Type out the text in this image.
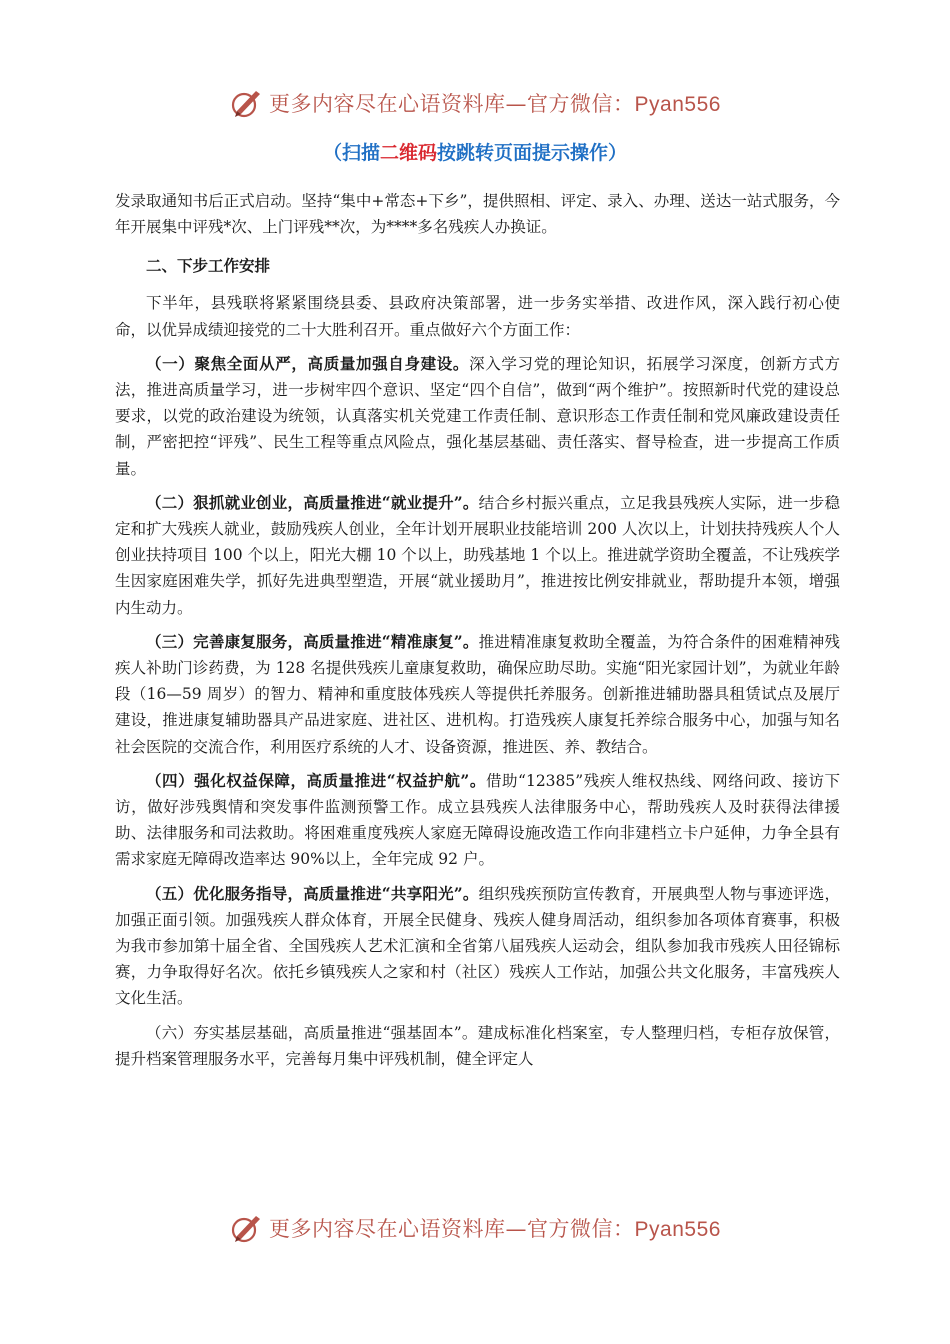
更多内容尽在心语资料库—官方微信：Pyan556
（扫描二维码按跳转页面提示操作）

发录取通知书后正式启动。坚持“集中+常态+下乡”，提供照相、评定、录入、办理、送达一站式服务，今年开展集中评残*次、上门评残**次，为****多名残疾人办换证。

二、下步工作安排

下半年，县残联将紧紧围绕县委、县政府决策部署，进一步务实举措、改进作风，深入践行初心使命，以优异成绩迎接党的二十大胜利召开。重点做好六个方面工作：

（一）聚焦全面从严，高质量加强自身建设。深入学习党的理论知识，拓展学习深度，创新方式方法，推进高质量学习，进一步树牢四个意识、坚定“四个自信”，做到“两个维护”。按照新时代党的建设总要求，以党的政治建设为统领，认真落实机关党建工作责任制、意识形态工作责任制和党风廉政建设责任制，严密把控“评残”、民生工程等重点风险点，强化基层基础、责任落实、督导检查，进一步提高工作质量。

（二）狠抓就业创业，高质量推进“就业提升”。结合乡村振兴重点，立足我县残疾人实际，进一步稳定和扩大残疾人就业，鼓励残疾人创业，全年计划开展职业技能培训 200 人次以上，计划扶持残疾人个人创业扶持项目 100 个以上，阳光大棚 10 个以上，助残基地 1 个以上。推进就学资助全覆盖，不让残疾学生因家庭困难失学，抓好先进典型塑造，开展“就业援助月”，推进按比例安排就业，帮助提升本领，增强内生动力。

（三）完善康复服务，高质量推进“精准康复”。推进精准康复救助全覆盖，为符合条件的困难精神残疾人补助门诊药费，为 128 名提供残疾儿童康复救助，确保应助尽助。实施“阳光家园计划”，为就业年龄段（16—59 周岁）的智力、精神和重度肢体残疾人等提供托养服务。创新推进辅助器具租赁试点及展厅建设，推进康复辅助器具产品进家庭、进社区、进机构。打造残疾人康复托养综合服务中心，加强与知名社会医院的交流合作，利用医疗系统的人才、设备资源，推进医、养、教结合。

（四）强化权益保障，高质量推进“权益护航”。借助“12385”残疾人维权热线、网络问政、接访下访，做好涉残舆情和突发事件监测预警工作。成立县残疾人法律服务中心，帮助残疾人及时获得法律援助、法律服务和司法救助。将困难重度残疾人家庭无障碍设施改造工作向非建档立卡户延伸，力争全县有需求家庭无障碍改造率达 90%以上，全年完成 92 户。

（五）优化服务指导，高质量推进“共享阳光”。组织残疾预防宣传教育，开展典型人物与事迹评选，加强正面引领。加强残疾人群众体育，开展全民健身、残疾人健身周活动，组织参加各项体育赛事，积极为我市参加第十届全省、全国残疾人艺术汇演和全省第八届残疾人运动会，组队参加我市残疾人田径锦标赛，力争取得好名次。依托乡镇残疾人之家和村（社区）残疾人工作站，加强公共文化服务，丰富残疾人文化生活。

（六）夯实基层基础，高质量推进“强基固本”。建成标准化档案室，专人整理归档，专柜存放保管，提升档案管理服务水平，完善每月集中评残机制，健全评定人

更多内容尽在心语资料库—官方微信：Pyan556
